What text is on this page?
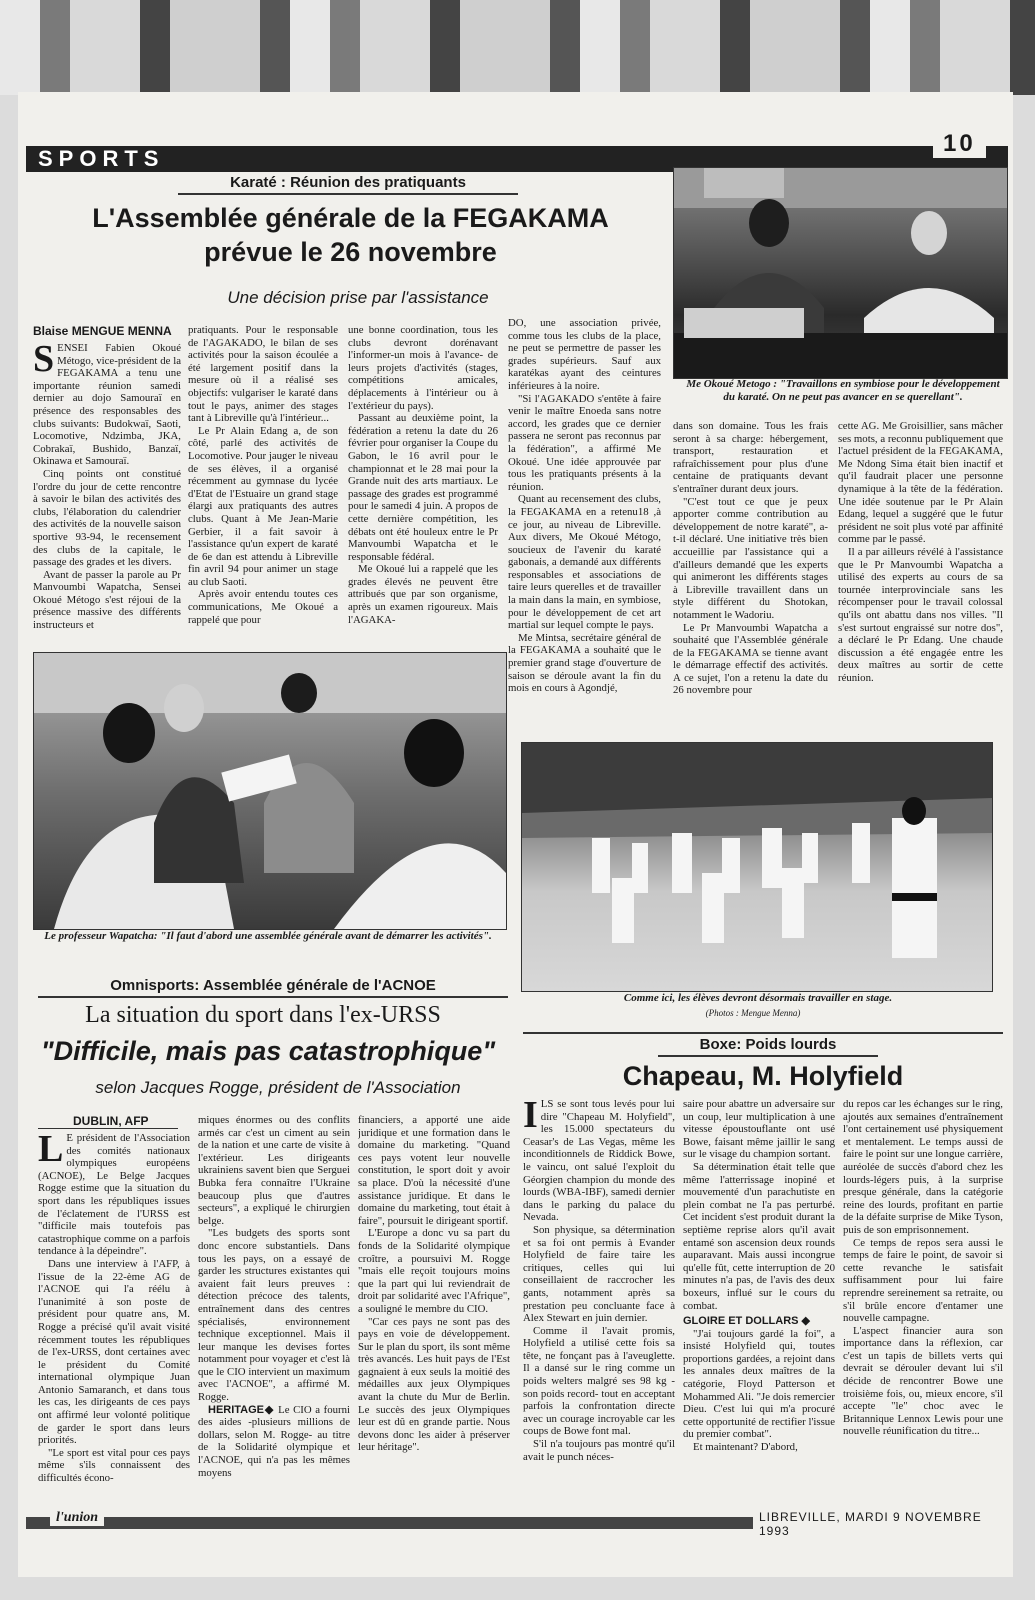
SPORTS
10
Karaté : Réunion des pratiquants
L'Assemblée générale de la FEGAKAMA
prévue le 26 novembre
Une décision prise par l'assistance
Blaise MENGUE MENNA
Me Okoué Metogo : "Travaillons en symbiose pour le développement du karaté. On ne peut pas avancer en se querellant".

SENSEI Fabien Okoué Métogo, vice-président de la FEGAKAMA a tenu une importante réunion samedi dernier au dojo Samouraï en présence des responsables des clubs suivants: Budokwaï, Saoti, Locomotive, Ndzimba, JKA, Cobrakaï, Bushido, Banzaï, Okinawa et Samouraï.

Cinq points ont constitué l'ordre du jour de cette rencontre à savoir le bilan des activités des clubs, l'élaboration du calendrier des activités de la nouvelle saison sportive 93-94, le recensement des clubs de la capitale, le passage des grades et les divers.

Avant de passer la parole au Pr Manvoumbi Wapatcha, Sensei Okoué Métogo s'est réjoui de la présence massive des différents instructeurs et

pratiquants. Pour le responsable de l'AGAKADO, le bilan de ses activités pour la saison écoulée a été largement positif dans la mesure où il a réalisé ses objectifs: vulgariser le karaté dans tout le pays, animer des stages tant à Libreville qu'à l'intérieur...

Le Pr Alain Edang a, de son côté, parlé des activités de Locomotive. Pour jauger le niveau de ses élèves, il a organisé récemment au gymnase du lycée d'Etat de l'Estuaire un grand stage élargi aux pratiquants des autres clubs. Quant à Me Jean-Marie Gerbier, il a fait savoir à l'assistance qu'un expert de karaté de 6e dan est attendu à Libreville fin avril 94 pour animer un stage au club Saoti.

Après avoir entendu toutes ces communications, Me Okoué a rappelé que pour

une bonne coordination, tous les clubs devront dorénavant l'informer-un mois à l'avance- de leurs projets d'activités (stages, compétitions amicales, déplacements à l'intérieur ou à l'extérieur du pays).

Passant au deuxième point, la fédération a retenu la date du 26 février pour organiser la Coupe du Gabon, le 16 avril pour le championnat et le 28 mai pour la Grande nuit des arts martiaux. Le passage des grades est programmé pour le samedi 4 juin. A propos de cette dernière compétition, les débats ont été houleux entre le Pr Manvoumbi Wapatcha et le responsable fédéral.

Me Okoué lui a rappelé que les grades élevés ne peuvent être attribués que par son organisme, après un examen rigoureux. Mais l'AGAKA-

DO, une association privée, comme tous les clubs de la place, ne peut se permettre de passer les grades supérieurs. Sauf aux karatékas ayant des ceintures inférieures à la noire.

"Si l'AGAKADO s'entête à faire venir le maître Enoeda sans notre accord, les grades que ce dernier passera ne seront pas reconnus par la fédération", a affirmé Me Okoué. Une idée approuvée par tous les pratiquants présents à la réunion.

Quant au recensement des clubs, la FEGAKAMA en a retenu18 ,à ce jour, au niveau de Libreville. Aux divers, Me Okoué Métogo, soucieux de l'avenir du karaté gabonais, a demandé aux différents responsables et associations de taire leurs querelles et de travailler la main dans la main, en symbiose, pour le développement de cet art martial sur lequel compte le pays.

Me Mintsa, secrétaire général de la FEGAKAMA a souhaité que le premier grand stage d'ouverture de saison se déroule avant la fin du mois en cours à Agondjé,

dans son domaine. Tous les frais seront à sa charge: hébergement, transport, restauration et rafraîchissement pour plus d'une centaine de pratiquants devant s'entraîner durant deux jours.

"C'est tout ce que je peux apporter comme contribution au développement de notre karaté", a-t-il déclaré. Une initiative très bien accueillie par l'assistance qui a d'ailleurs demandé que les experts qui animeront les différents stages à Libreville travaillent dans un style différent du Shotokan, notamment le Wadoriu.

Le Pr Manvoumbi Wapatcha a souhaité que l'Assemblée générale de la FEGAKAMA se tienne avant le démarrage effectif des activités. A ce sujet, l'on a retenu la date du 26 novembre pour

cette AG. Me Groisillier, sans mâcher ses mots, a reconnu publiquement que l'actuel président de la FEGAKAMA, Me Ndong Sima était bien inactif et qu'il faudrait placer une personne dynamique à la tête de la fédération. Une idée soutenue par le Pr Alain Edang, lequel a suggéré que le futur président ne soit plus voté par affinité comme par le passé.

Il a par ailleurs révélé à l'assistance que le Pr Manvoumbi Wapatcha a utilisé des experts au cours de sa tournée interprovinciale sans les récompenser pour le travail colossal qu'ils ont abattu dans nos villes. "Il s'est surtout engraissé sur notre dos", a déclaré le Pr Edang. Une chaude discussion a été engagée entre les deux maîtres au sortir de cette réunion.

Le professeur Wapatcha: "Il faut d'abord une assemblée générale avant de démarrer les activités".
Comme ici, les élèves devront désormais travailler en stage.
(Photos : Mengue Menna)
Omnisports: Assemblée générale de l'ACNOE
La situation du sport dans l'ex-URSS
"Difficile, mais pas catastrophique"
selon Jacques Rogge, président de l'Association
DUBLIN, AFP

L E président de l'Association des comités nationaux olympiques européens (ACNOE), Le Belge Jacques Rogge estime que la situation du sport dans les républiques issues de l'éclatement de l'URSS est "difficile mais toutefois pas catastrophique comme on a parfois tendance à la dépeindre".

Dans une interview à l'AFP, à l'issue de la 22-ème AG de l'ACNOE qui l'a réélu à l'unanimité à son poste de président pour quatre ans, M. Rogge a précisé qu'il avait visité récemment toutes les républiques de l'ex-URSS, dont certaines avec le président du Comité international olympique Juan Antonio Samaranch, et dans tous les cas, les dirigeants de ces pays ont affirmé leur volonté politique de garder le sport dans leurs priorités.

"Le sport est vital pour ces pays même s'ils connaissent des difficultés écono-

miques énormes ou des conflits armés car c'est un ciment au sein de la nation et une carte de visite à l'extérieur. Les dirigeants ukrainiens savent bien que Serguei Bubka fera connaître l'Ukraine beaucoup plus que d'autres secteurs", a expliqué le chirurgien belge.

"Les budgets des sports sont donc encore substantiels. Dans tous les pays, on a essayé de garder les structures existantes qui avaient fait leurs preuves : détection précoce des talents, entraînement dans des centres spécialisés, environnement technique exceptionnel. Mais il leur manque les devises fortes notamment pour voyager et c'est là que le CIO intervient un maximum avec l'ACNOE", a affirmé M. Rogge.

HERITAGE◆ Le CIO a fourni des aides -plusieurs millions de dollars, selon M. Rogge- au titre de la Solidarité olympique et l'ACNOE, qui n'a pas les mêmes moyens

financiers, a apporté une aide juridique et une formation dans le domaine du marketing. "Quand ces pays votent leur nouvelle constitution, le sport doit y avoir sa place. D'où la nécessité d'une assistance juridique. Et dans le domaine du marketing, tout était à faire", poursuit le dirigeant sportif.

L'Europe a donc vu sa part du fonds de la Solidarité olympique croître, a poursuivi M. Rogge "mais elle reçoit toujours moins que la part qui lui reviendrait de droit par solidarité avec l'Afrique", a souligné le membre du CIO.

"Car ces pays ne sont pas des pays en voie de développement. Sur le plan du sport, ils sont même très avancés. Les huit pays de l'Est gagnaient à eux seuls la moitié des médailles aux jeux Olympiques avant la chute du Mur de Berlin. Le succès des jeux Olympiques leur est dû en grande partie. Nous devons donc les aider à préserver leur héritage".

Boxe: Poids lourds
Chapeau, M. Holyfield

ILS se sont tous levés pour lui dire "Chapeau M. Holyfield", les 15.000 spectateurs du Ceasar's de Las Vegas, même les inconditionnels de Riddick Bowe, le vaincu, ont salué l'exploit du Géorgien champion du monde des lourds (WBA-IBF), samedi dernier dans le parking du palace du Nevada.

Son physique, sa détermination et sa foi ont permis à Evander Holyfield de faire taire les critiques, celles qui lui conseillaient de raccrocher les gants, notamment après sa prestation peu concluante face à Alex Stewart en juin dernier.

Comme il l'avait promis, Holyfield a utilisé cette fois sa tête, ne fonçant pas à l'aveuglette. Il a dansé sur le ring comme un poids welters malgré ses 98 kg -son poids record- tout en acceptant parfois la confrontation directe avec un courage incroyable car les coups de Bowe font mal.

S'il n'a toujours pas montré qu'il avait le punch néces-

saire pour abattre un adversaire sur un coup, leur multiplication à une vitesse époustouflante ont usé Bowe, faisant même jaillir le sang sur le visage du champion sortant.

Sa détermination était telle que même l'atterrissage inopiné et mouvementé d'un parachutiste en plein combat ne l'a pas perturbé. Cet incident s'est produit durant la septième reprise alors qu'il avait entamé son ascension deux rounds auparavant. Mais aussi incongrue qu'elle fût, cette interruption de 20 minutes n'a pas, de l'avis des deux boxeurs, influé sur le cours du combat.

GLOIRE ET DOLLARS ◆

"J'ai toujours gardé la foi", a insisté Holyfield qui, toutes proportions gardées, a rejoint dans les annales deux maîtres de la catégorie, Floyd Patterson et Mohammed Ali. "Je dois remercier Dieu. C'est lui qui m'a procuré cette opportunité de rectifier l'issue du premier combat".

Et maintenant? D'abord,

du repos car les échanges sur le ring, ajoutés aux semaines d'entraînement l'ont certainement usé physiquement et mentalement. Le temps aussi de faire le point sur une longue carrière, auréolée de succès d'abord chez les lourds-légers puis, à la surprise presque générale, dans la catégorie reine des lourds, profitant en partie de la défaite surprise de Mike Tyson, puis de son emprisonnement.

Ce temps de repos sera aussi le temps de faire le point, de savoir si cette revanche le satisfait suffisamment pour lui faire reprendre sereinement sa retraite, ou s'il brûle encore d'entamer une nouvelle campagne.

L'aspect financier aura son importance dans la réflexion, car c'est un tapis de billets verts qui devrait se dérouler devant lui s'il décide de rencontrer Bowe une troisième fois, ou, mieux encore, s'il accepte "le" choc avec le Britannique Lennox Lewis pour une nouvelle réunification du titre...

l'union	LIBREVILLE, MARDI 9 NOVEMBRE 1993
